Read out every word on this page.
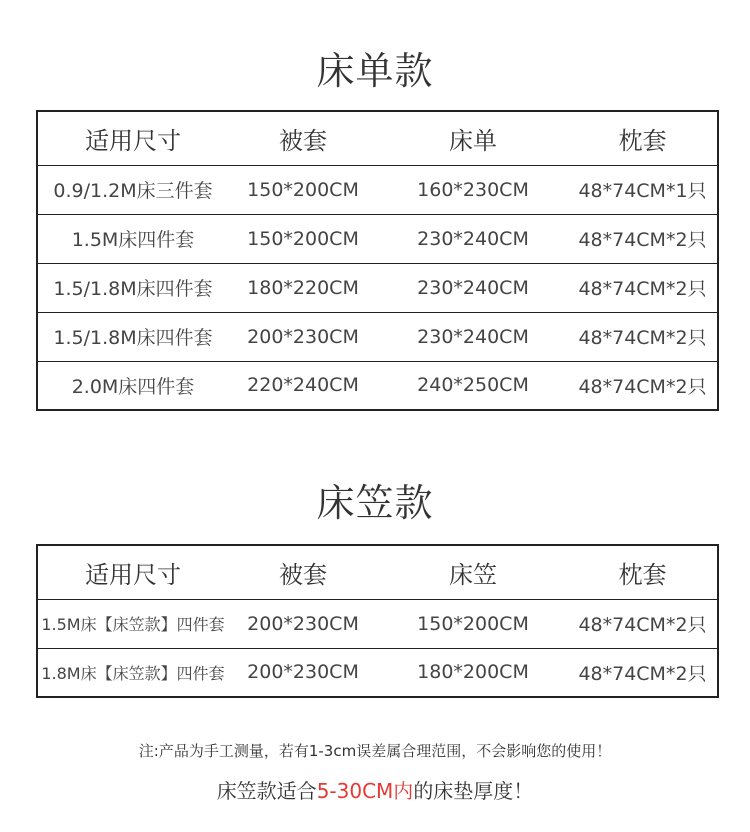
床单款
适用尺寸	被套	床单	枕套
0.9/1.2M床三件套	150*200CM	160*230CM	48*74CM*1只
1.5M床四件套	150*200CM	230*240CM	48*74CM*2只
1.5/1.8M床四件套	180*220CM	230*240CM	48*74CM*2只
1.5/1.8M床四件套	200*230CM	230*240CM	48*74CM*2只
2.0M床四件套	220*240CM	240*250CM	48*74CM*2只
床笠款
适用尺寸	被套	床笠	枕套
1.5M床【床笠款】四件套	200*230CM	150*200CM	48*74CM*2只
1.8M床【床笠款】四件套	200*230CM	180*200CM	48*74CM*2只
注:产品为手工测量，若有1-3cm误差属合理范围，不会影响您的使用！
床笠款适合5-30CM内的床垫厚度！
